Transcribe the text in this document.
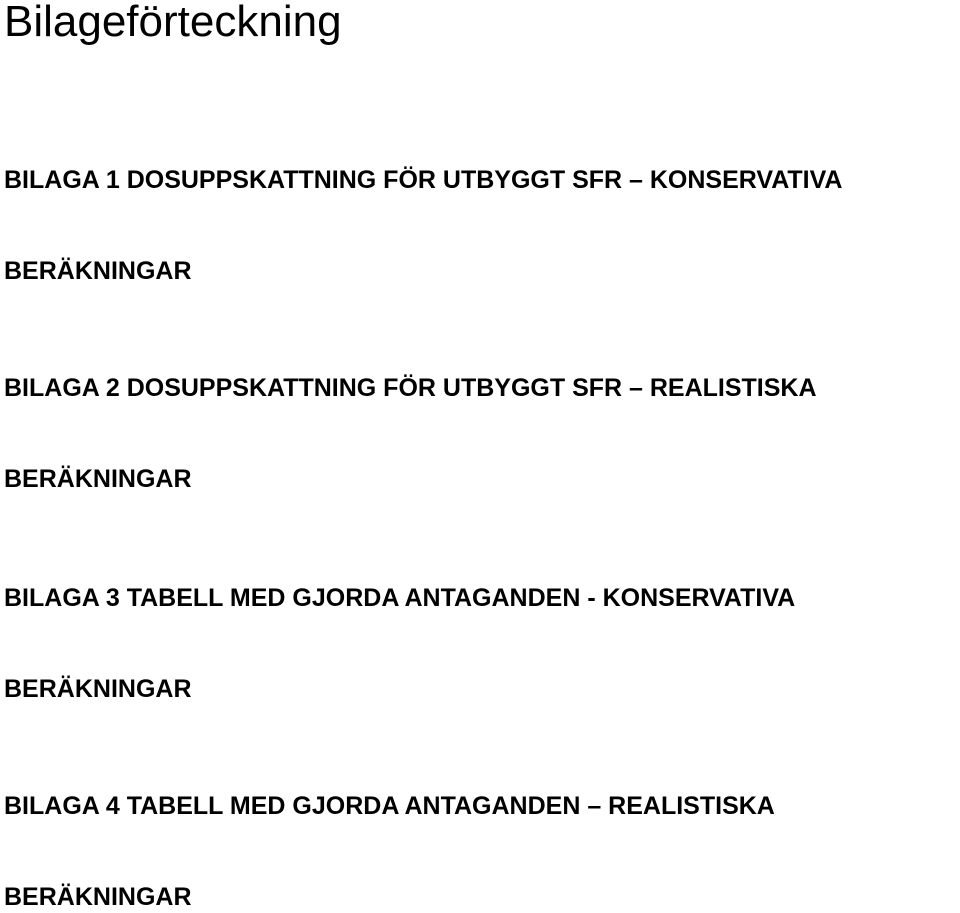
Bilageförteckning

BILAGA 1 DOSUPPSKATTNING FÖR UTBYGGT SFR – KONSERVATIVA

BERÄKNINGAR

BILAGA 2 DOSUPPSKATTNING FÖR UTBYGGT SFR – REALISTISKA

BERÄKNINGAR

BILAGA 3 TABELL MED GJORDA ANTAGANDEN - KONSERVATIVA

BERÄKNINGAR

BILAGA 4 TABELL MED GJORDA ANTAGANDEN – REALISTISKA

BERÄKNINGAR
